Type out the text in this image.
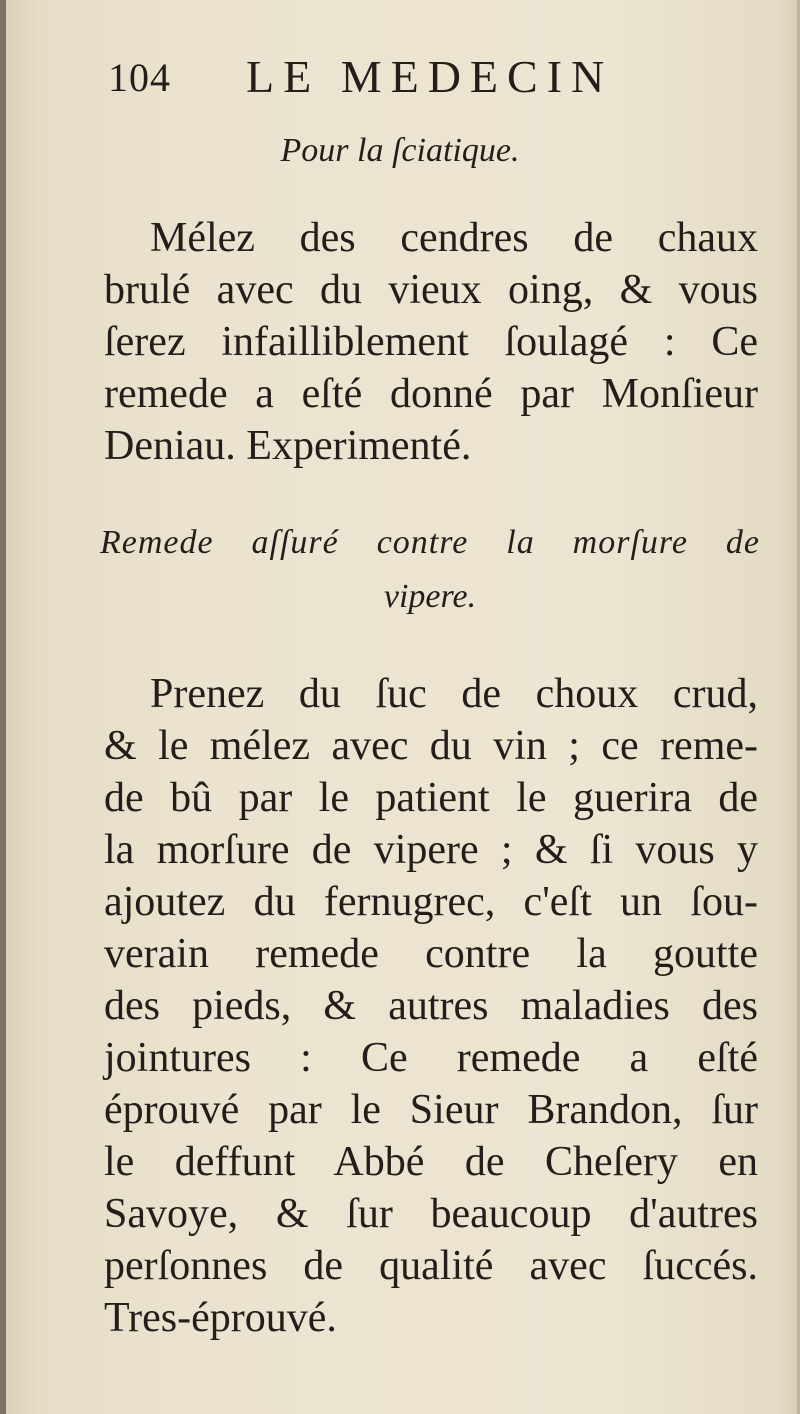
104 LE MEDECIN
Pour la ſciatique.
Mélez des cendres de chaux
brulé avec du vieux oing, & vous
ſerez infailliblement ſoulagé : Ce
remede a eſté donné par Monſieur
Deniau. Experimenté.
Remede aſſuré contre la morſure de
vipere.
Prenez du ſuc de choux crud,
& le mélez avec du vin ; ce reme-
de bû par le patient le guerira de
la morſure de vipere ; & ſi vous y
ajoutez du fernugrec, c'eſt un ſou-
verain remede contre la goutte
des pieds, & autres maladies des
jointures : Ce remede a eſté
éprouvé par le Sieur Brandon, ſur
le deffunt Abbé de Cheſery en
Savoye, & ſur beaucoup d'autres
perſonnes de qualité avec ſuccés.
Tres-éprouvé.
